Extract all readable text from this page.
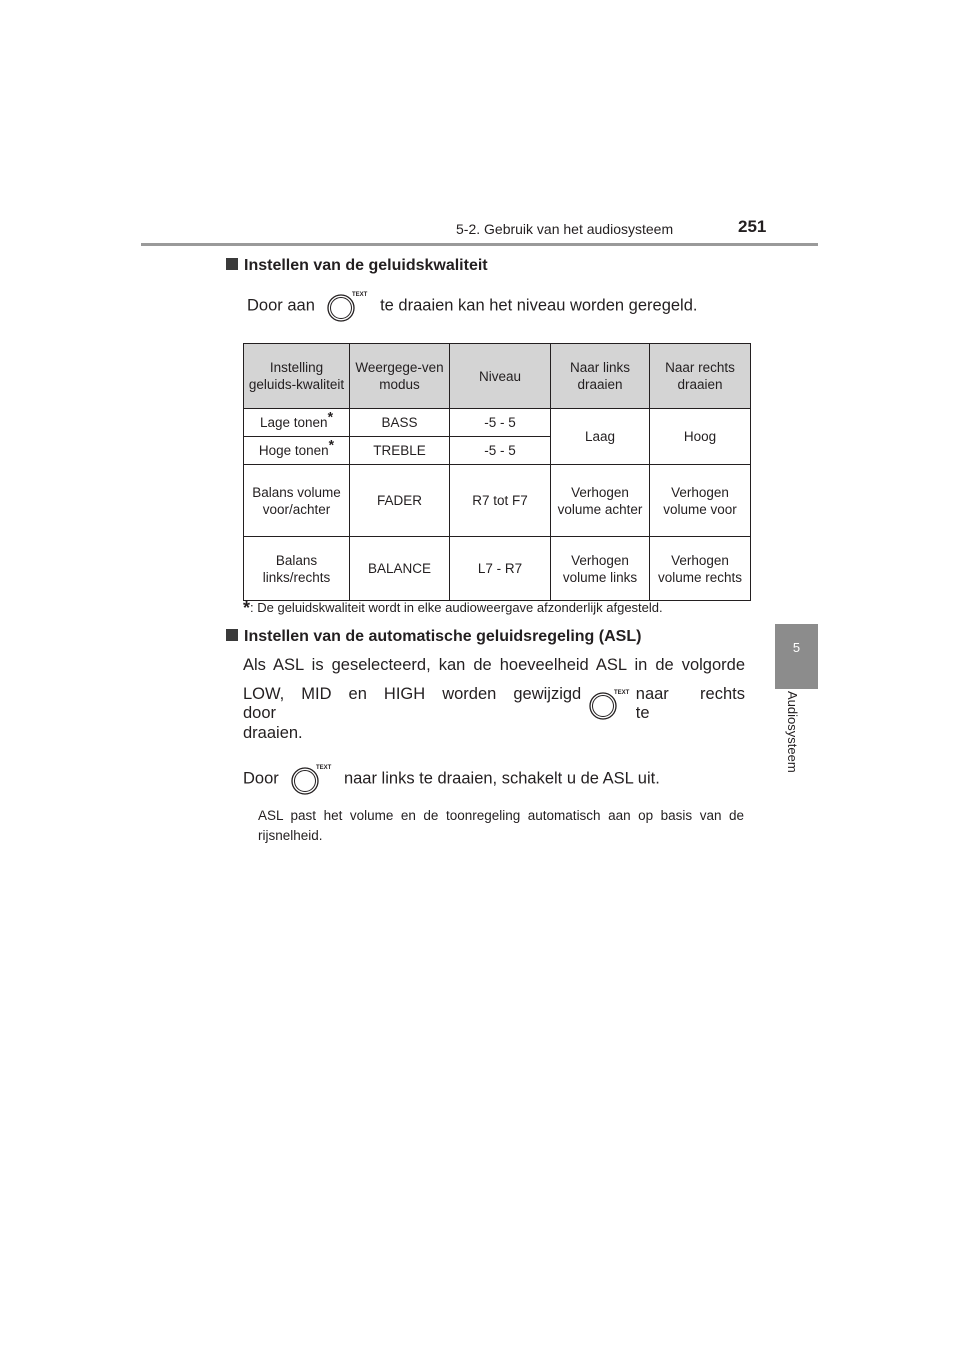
5-2. Gebruik van het audiosysteem	251
5
Audiosysteem
Instellen van de geluidskwaliteit
Door aan
TEXT
te draaien kan het niveau worden geregeld.
Instelling geluids-kwaliteit	Weergege-ven modus	Niveau	Naar links draaien	Naar rechts draaien
Lage tonen*	BASS	-5 - 5	Laag	Hoog
Hoge tonen*	TREBLE	-5 - 5		
Balans volume voor/achter	FADER	R7 tot F7	Verhogen volume achter	Verhogen volume voor
Balans links/rechts	BALANCE	L7 - R7	Verhogen volume links	Verhogen volume rechts
*: De geluidskwaliteit wordt in elke audioweergave afzonderlijk afgesteld.
Instellen van de automatische geluidsregeling (ASL)
Als ASL is geselecteerd, kan de hoeveelheid ASL in de volgorde
LOW, MID en HIGH worden gewijzigd door
TEXT naar rechts te
draaien.
Door
TEXT
naar links te draaien, schakelt u de ASL uit.
ASL past het volume en de toonregeling automatisch aan op basis van de rijsnelheid.
